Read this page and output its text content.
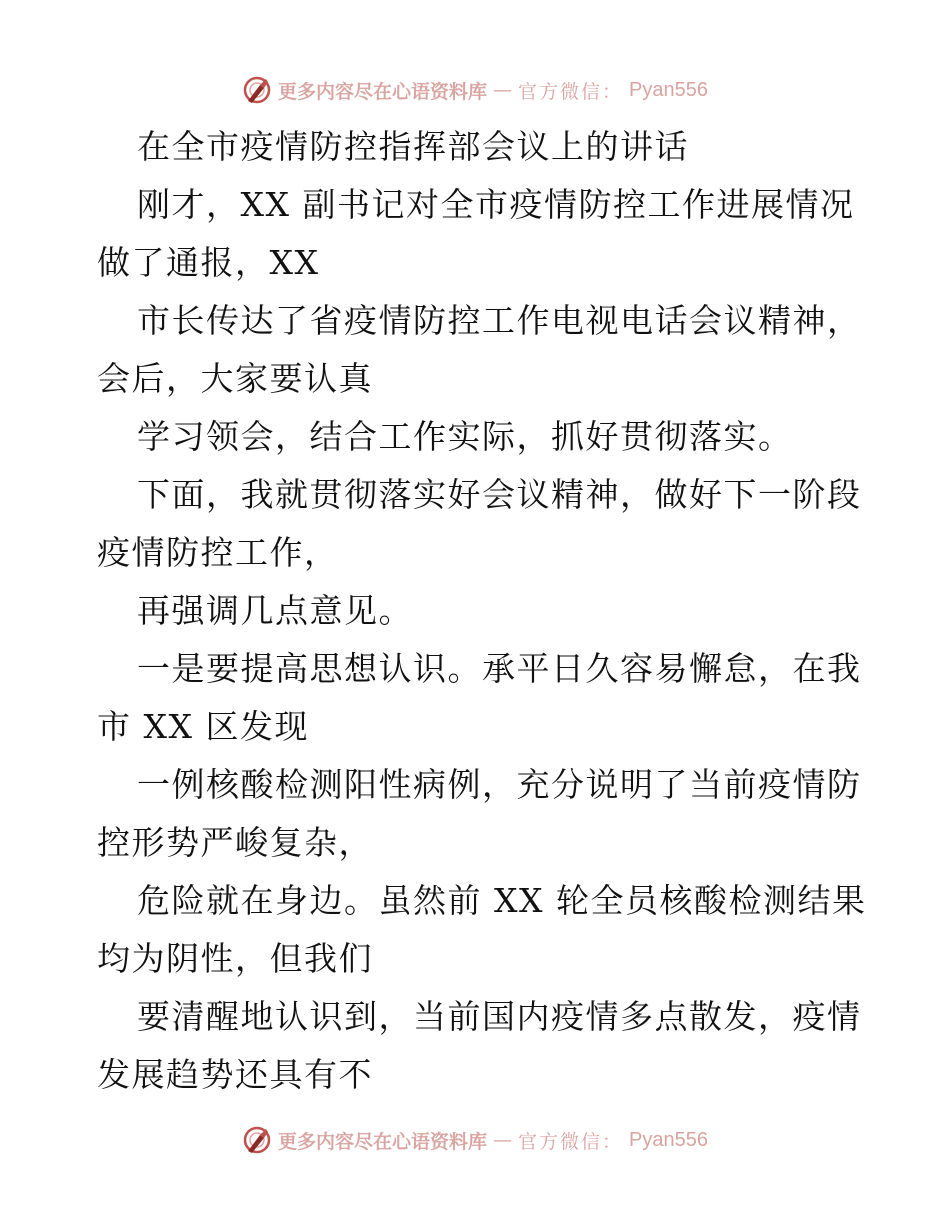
更多内容尽在心语资料库 — 官方微信： Pyan556
在全市疫情防控指挥部会议上的讲话
刚才，XX 副书记对全市疫情防控工作进展情况
做了通报，XX
市长传达了省疫情防控工作电视电话会议精神，
会后，大家要认真
学习领会，结合工作实际，抓好贯彻落实。
下面，我就贯彻落实好会议精神，做好下一阶段
疫情防控工作，
再强调几点意见。
一是要提高思想认识。承平日久容易懈怠，在我
市 XX 区发现
一例核酸检测阳性病例，充分说明了当前疫情防
控形势严峻复杂，
危险就在身边。虽然前 XX 轮全员核酸检测结果
均为阴性，但我们
要清醒地认识到，当前国内疫情多点散发，疫情
发展趋势还具有不
更多内容尽在心语资料库 — 官方微信： Pyan556
